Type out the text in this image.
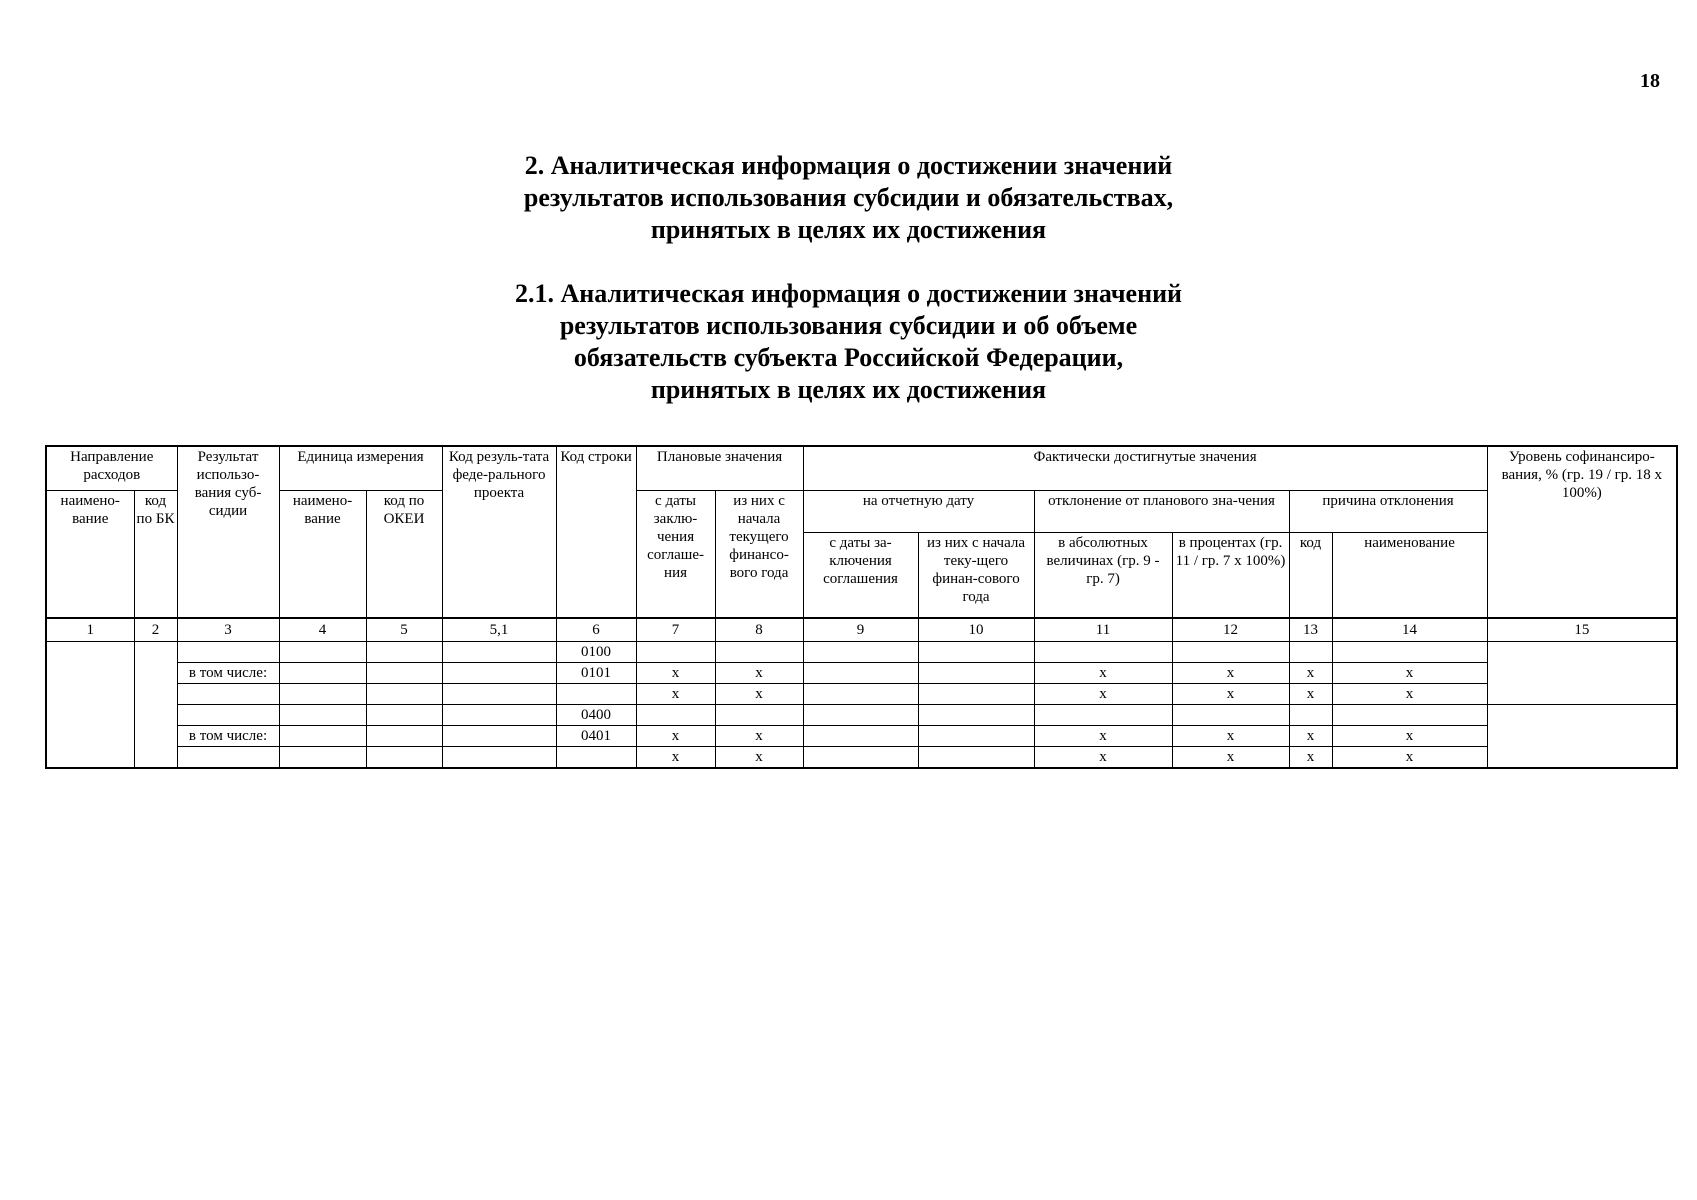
18
2. Аналитическая информация о достижении значений
результатов использования субсидии и обязательствах,
принятых в целях их достижения
2.1. Аналитическая информация о достижении значений
результатов использования субсидии и об объеме
обязательств субъекта Российской Федерации,
принятых в целях их достижения
Направление расходов		Результат использо-вания суб-сидии	Единица измерения		Код резуль-тата феде-рального проекта	Код строки	Плановые значения		Фактически достигнутые значения						Уровень софинансиро-вания, % (гр. 19 / гр. 18 x 100%)
наимено-вание	код по БК		наимено-вание	код по ОКЕИ			с даты заклю-чения соглаше-ния	из них с начала текущего финансо-вого года	на отчетную дату		отклонение от планового зна-чения		причина отклонения		
									с даты за-ключения соглашения	из них с начала теку-щего финан-сового года	в абсолютных величинах (гр. 9 - гр. 7)	в процентах (гр. 11 / гр. 7 x 100%)	код	наименование	
1	2	3	4	5	5,1	6	7	8	9	10	11	12	13	14	15
						0100									
		в том числе:				0101	x	x			x	x	x	x	
							x	x			x	x	x	x	
						0400									
		в том числе:				0401	x	x			x	x	x	x	
							x	x			x	x	x	x	
